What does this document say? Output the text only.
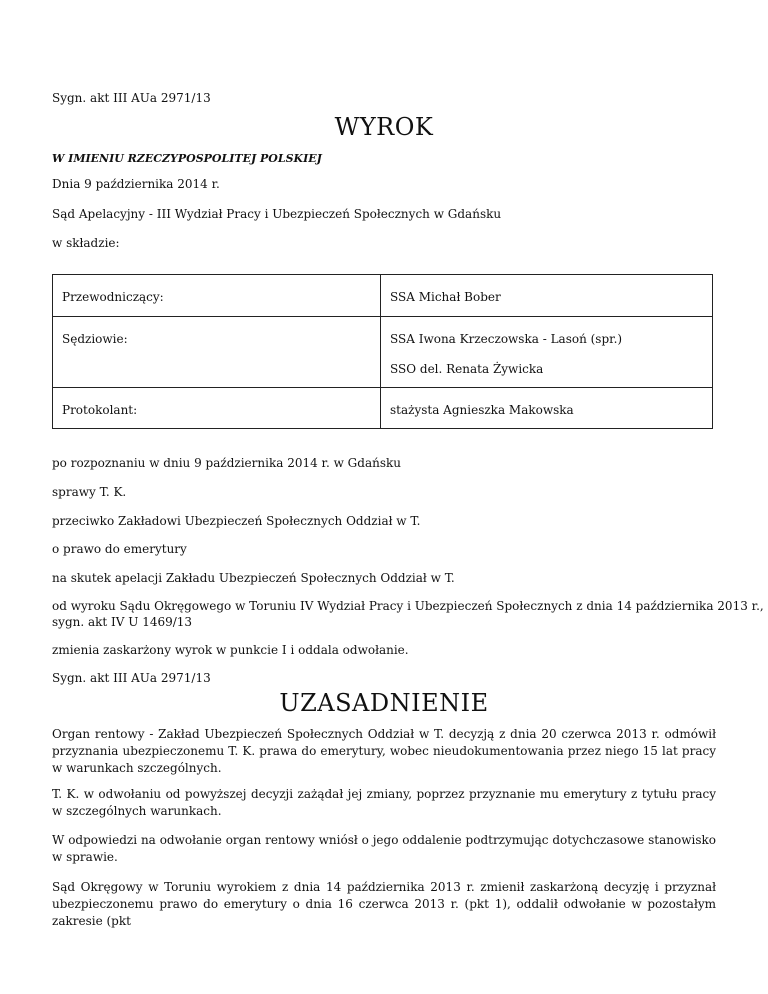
Sygn. akt III AUa 2971/13
WYROK
W IMIENIU RZECZYPOSPOLITEJ POLSKIEJ
Dnia 9 października 2014 r.
Sąd Apelacyjny - III Wydział Pracy i Ubezpieczeń Społecznych w Gdańsku
w składzie:
Przewodniczący:	SSA Michał Bober

Sędziowie:	SSA Iwona Krzeczowska - Lasoń (spr.)
SSO del. Renata Żywicka

Protokolant:	stażysta Agnieszka Makowska
po rozpoznaniu w dniu 9 października 2014 r. w Gdańsku
sprawy T. K.
przeciwko Zakładowi Ubezpieczeń Społecznych Oddział w T.
o prawo do emerytury
na skutek apelacji Zakładu Ubezpieczeń Społecznych Oddział w T.
od wyroku Sądu Okręgowego w Toruniu IV Wydział Pracy i Ubezpieczeń Społecznych z dnia 14 października 2013 r.,
sygn. akt IV U 1469/13
zmienia zaskarżony wyrok w punkcie I i oddala odwołanie.
Sygn. akt III AUa 2971/13
UZASADNIENIE
Organ rentowy - Zakład Ubezpieczeń Społecznych Oddział w T. decyzją z dnia 20 czerwca 2013 r. odmówił przyznania ubezpieczonemu T. K. prawa do emerytury, wobec nieudokumentowania przez niego 15 lat pracy w warunkach szczególnych.
T. K. w odwołaniu od powyższej decyzji zażądał jej zmiany, poprzez przyznanie mu emerytury z tytułu pracy w szczególnych warunkach.
W odpowiedzi na odwołanie organ rentowy wniósł o jego oddalenie podtrzymując dotychczasowe stanowisko w sprawie.
Sąd Okręgowy w Toruniu wyrokiem z dnia 14 października 2013 r. zmienił zaskarżoną decyzję i przyznał ubezpieczonemu prawo do emerytury o dnia 16 czerwca 2013 r. (pkt 1), oddalił odwołanie w pozostałym zakresie (pkt
